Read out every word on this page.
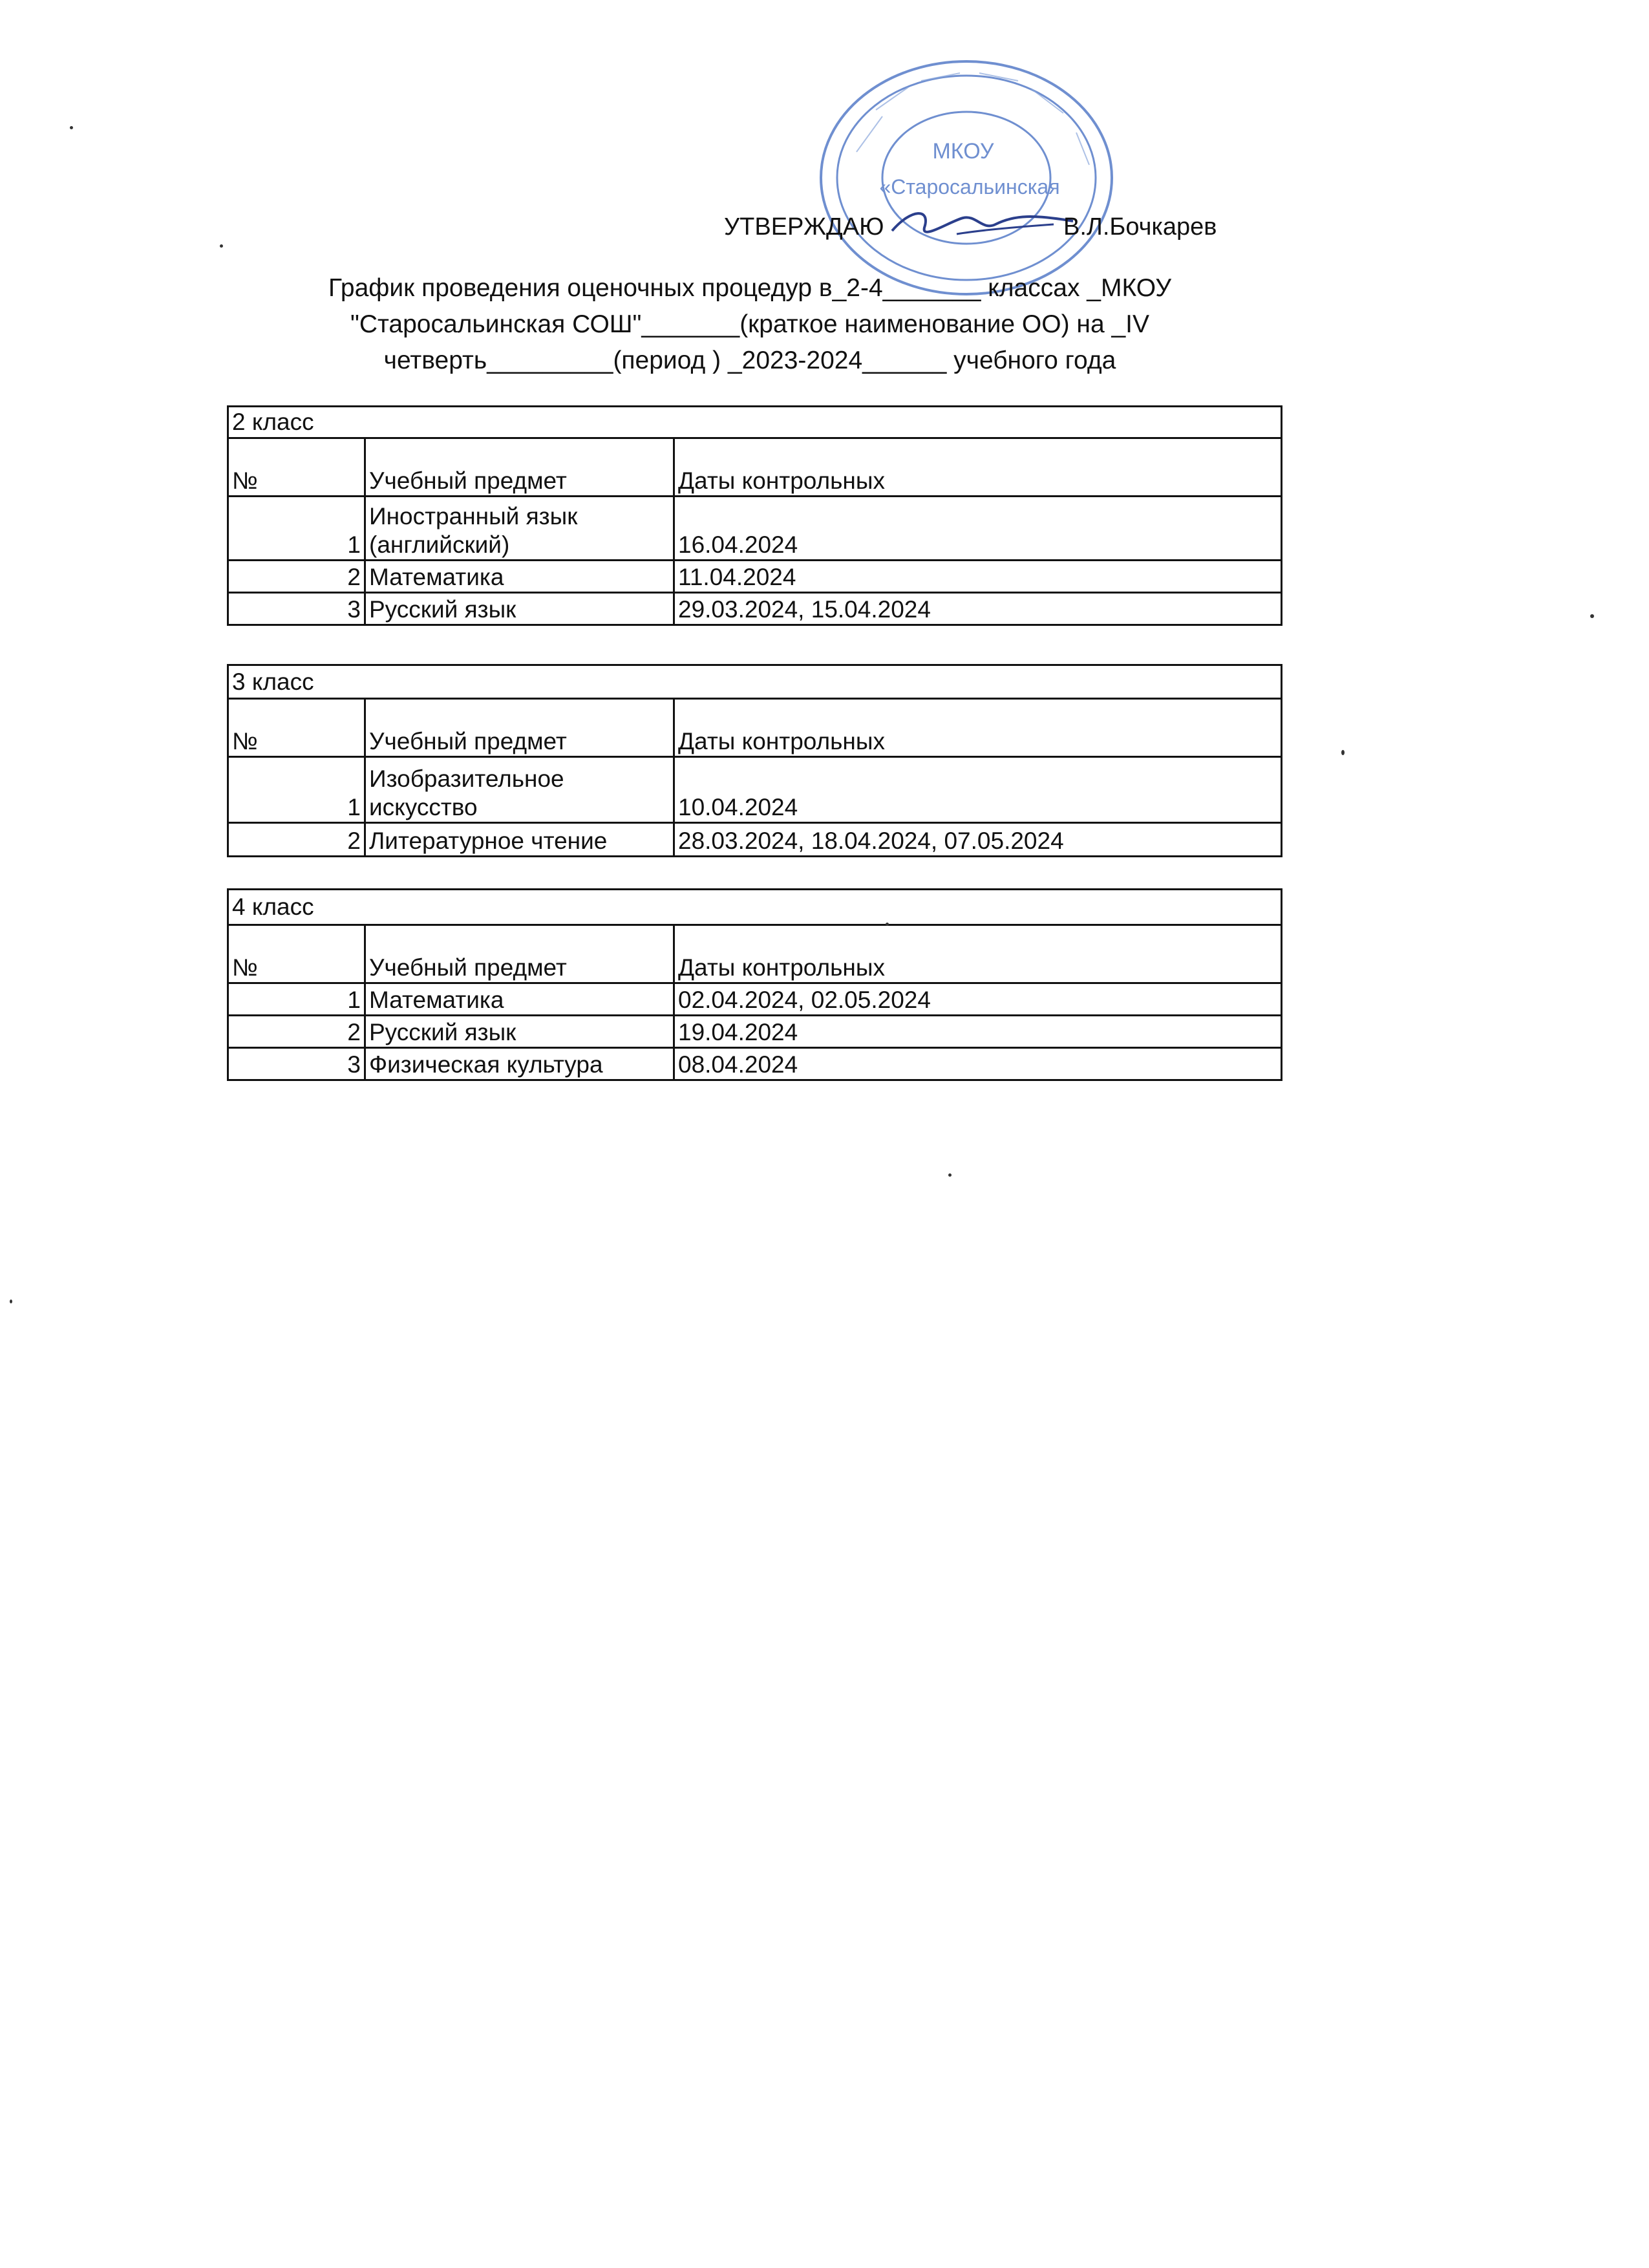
МКОУ
«Старосальинская
УТВЕРЖДАЮ	В.Л.Бочкарев

График проведения оценочных процедур в_2-4_______ классах _МКОУ

"Старосальинская СОШ"_______(краткое наименование ОО) на _IV

четверть_________(период ) _2023-2024______ учебного года

2 класс		
№	Учебный предмет	Даты контрольных
1	Иностранный язык (английский)	16.04.2024
2	Математика	11.04.2024
3	Русский язык	29.03.2024, 15.04.2024
3 класс		
№	Учебный предмет	Даты контрольных
1	Изобразительное искусство	10.04.2024
2	Литературное чтение	28.03.2024, 18.04.2024, 07.05.2024
4 класс		
№	Учебный предмет	Даты контрольных
1	Математика	02.04.2024, 02.05.2024
2	Русский язык	19.04.2024
3	Физическая культура	08.04.2024
